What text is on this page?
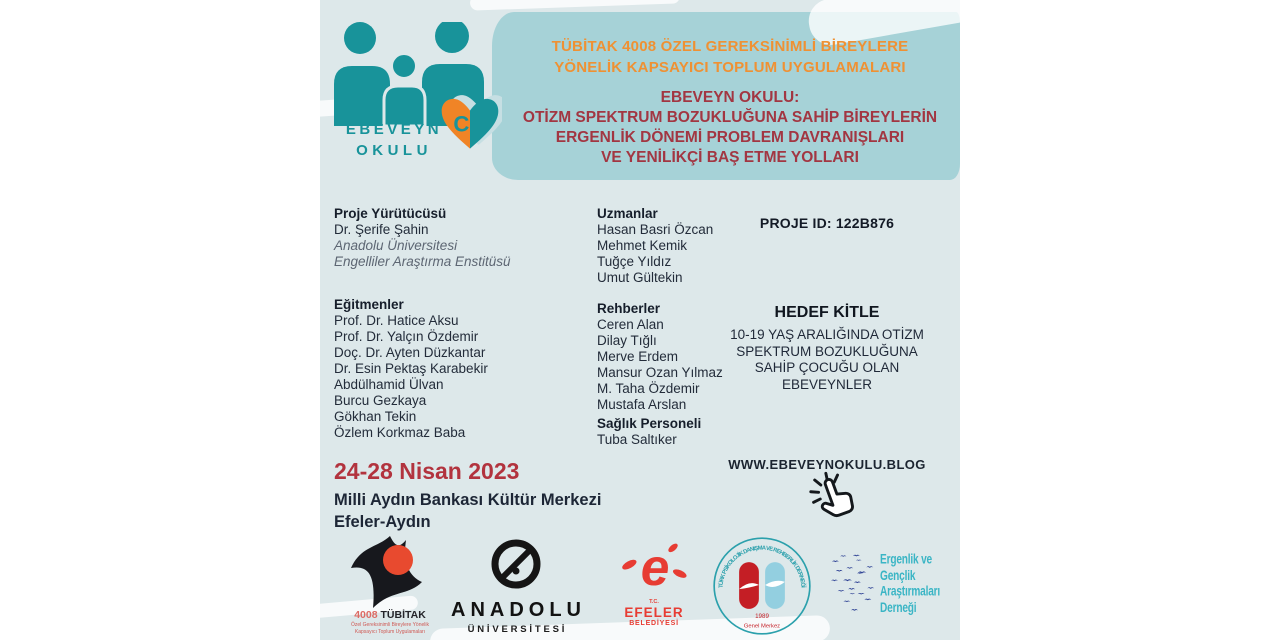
C
EBEVEYN
OKULU
TÜBİTAK 4008 ÖZEL GEREKSİNİMLİ BİREYLERE
YÖNELİK KAPSAYICI TOPLUM UYGULAMALARI
EBEVEYN OKULU:
OTİZM SPEKTRUM BOZUKLUĞUNA SAHİP BİREYLERİN
ERGENLİK DÖNEMİ PROBLEM DAVRANIŞLARI
VE YENİLİKÇİ BAŞ ETME YOLLARI
Proje Yürütücüsü
Dr. Şerife Şahin
Anadolu Üniversitesi
Engelliler Araştırma Enstitüsü
Eğitmenler
Prof. Dr. Hatice Aksu
Prof. Dr. Yalçın Özdemir
Doç. Dr. Ayten Düzkantar
Dr. Esin Pektaş Karabekir
Abdülhamid Ülvan
Burcu Gezkaya
Gökhan Tekin
Özlem Korkmaz Baba
Uzmanlar
Hasan Basri Özcan
Mehmet Kemik
Tuğçe Yıldız
Umut Gültekin
Rehberler
Ceren Alan
Dilay Tığlı
Merve Erdem
Mansur Ozan Yılmaz
M. Taha Özdemir
Mustafa Arslan
Sağlık Personeli
Tuba Saltıker
PROJE ID: 122B876
HEDEF KİTLE
10-19 YAŞ ARALIĞINDA OTİZM
SPEKTRUM BOZUKLUĞUNA
SAHİP ÇOCUĞU OLAN
EBEVEYNLER
WWW.EBEVEYNOKULU.BLOG
24-28 Nisan 2023
Milli Aydın Bankası Kültür Merkezi
Efeler-Aydın
4008 TÜBİTAK
Özel Gereksinimli Bireylere Yönelik
Kapsayıcı Toplum Uygulamaları
ANADOLU
ÜNİVERSİTESİ
e
T.C.
EFELER
BELEDİYESİ
TÜRK PSİKOLOJİK DANIŞMA VE REHBERLİK DERNEĞİ
1989
Genel Merkez
Ergenlik ve
Gençlik
Araştırmaları
Derneği
